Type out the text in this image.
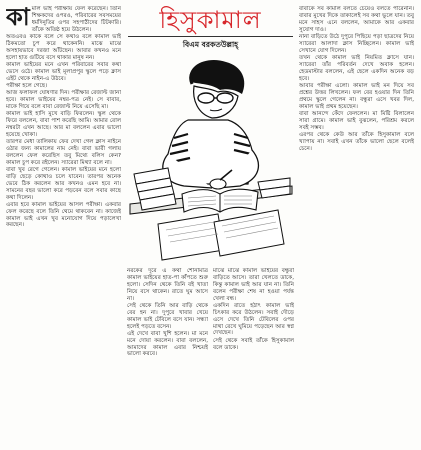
কা মাল ভাই পরীক্ষায় ফেল করেছেন। তিনি শিক্ষকদের ওপরও, পরিবারের সবসময়ের ধর্মদিনুতির ওপর সহপাঠীদের টিটকারি। তাঁকে অতিষ্ঠ হয়ে উঠলেন।

অতএবও কাকে বলে সে কথাও বলে কামাল ভাই ঠিকমতো চুপ করে থাকেননি। মাঝে মাঝে অসহায়ভাবে দরজা আঁটছেন। আবার কখনও মনে হলো হাত গুটিয়ে বসে থাকার মানুষ নন।

কামাল ভাইয়ের মনে এখন পরিবারের সবার কথা ভেসে ওঠে। কামাল ভাই মূলাপ্রপুর স্কুলে পড়ে ক্লাস এইট থেকে নাইন-এ উঠবে।

পরীক্ষা হলে গেছে।

আজ ফলাফল ঘোষণার দিন। পরীক্ষার রেজাল্ট জানা হবে। কামাল ভাইয়ের নম্বর-পত্র নেই। সে বাবার, মাকে গিয়ে বলে বাবা রেজাল্ট নিয়ে এসেছি মা।

কামাল ভাই হাসি মুখে বাড়ি ফিরলেন। স্কুল থেকে ফিরে বললেন, বাবা পাশ করেছি আমি। আমার রোল নম্বরটা এখন আছে। আর মা বললেন এবার ভালো হয়েছে খোকা।

তারপর মেধা তালিকায় ফের দেখা গেল ক্লাস নাইনে ওঠার জন্য কামালের নাম নেই। বাবা ভারী গলায় বললেন ফেল করেছিস তবু মিথ্যে বলিস কেন? কামাল চুপ করে রইলেন। স্যারেরা মিথ্যা বলে না।

বাবা খুব রেগে গেলেন। কামাল ভাইয়ের মনে হলো বাড়ি ছেড়ে কোথাও চলে যাবেন। তারপর অনেক ভেবে ঠিক করলেন আর কখনও এমন হবে না। সামনের বছর ভালো করে পড়বেন বলে সবার কাছে কথা দিলেন।

এবার হবে কামাল ভাইয়ের আসল পরীক্ষা। একবার ফেল করেছে বলে তিনি থেমে থাকবেন না। কাজেই কামাল ভাই এখন খুব মনোযোগ দিয়ে পড়ালেখা করছেন।

হিসুকামাল
বিএম বরকতউল্লাহ্

নরকের দূরে এ কথা শোনামাত্র কামাল ভাইয়ের হাত-পা কাঁপতে শুরু হলো। সেদিন থেকে তিনি বই খাতা নিয়ে বসে থাকেন। রাতে ঘুম আসে না।

সেই থেকে তিনি আর বাড়ি থেকে বের হন না। দুপুরে খাবার খেয়ে কামাল ভাই টেবিলে বসে যান। সন্ধ্যা হলেই পড়তে বসেন।

এই দেখে বাবা খুশি হলেন। মা মনে মনে দোয়া করলেন। বাবা বললেন, আমাদের কামাল এবার নিশ্চয়ই ভালো করবে।

মাঝে মাঝে কামাল ভাইয়ের বন্ধুরা বাড়িতে আসে। তারা খেলতে ডাকে, কিন্তু কামাল ভাই আর যান না। তিনি বলেন পরীক্ষা শেষ না হওয়া পর্যন্ত খেলা বন্ধ।

একদিন রাতে হঠাৎ কামাল ভাই চিৎকার করে উঠলেন। সবাই দৌড়ে এসে দেখে তিনি টেবিলের ওপর মাথা রেখে ঘুমিয়ে পড়েছেন আর স্বপ্ন দেখছেন।

সেই থেকে সবাই তাঁকে হিসুকামাল বলে ডাকে।

বাবাকে সব কামাল বলতে চেয়েও বলতে পারেননি। বাবার মুখের দিকে তাকালেই সব কথা ভুলে যান। তবু মনে সাহস এনে বললেন, আমাকে আর একবার সুযোগ দাও।

নানা বাড়িতে উঠে দুপুরে পিছিয়ে পড়া ছাত্রদের নিয়ে স্যারেরা আলাদা ক্লাস নিচ্ছিলেন। কামাল ভাই সেখানে যোগ দিলেন।

তখন থেকে কামাল ভাই নিয়মিত ক্লাসে যান। স্যারেরা তাঁর পরিবর্তন দেখে অবাক হলেন। হেডমাস্টার বললেন, এই ছেলে একদিন অনেক বড় হবে।

আবার পরীক্ষা এলো। কামাল ভাই মন দিয়ে সব প্রশ্নের উত্তর লিখলেন। ফল বের হওয়ার দিন তিনি প্রথমে স্কুলে গেলেন না। বন্ধুরা এসে খবর দিল, কামাল ভাই প্রথম হয়েছেন।

বাবা আনন্দে কেঁদে ফেললেন। মা মিষ্টি বিলালেন সারা গ্রামে। কামাল ভাই বুঝলেন, পরিশ্রম করলে সবই সম্ভব।

এরপর থেকে কেউ আর তাঁকে হিসুকামাল বলে খ্যাপায় না। সবাই এখন তাঁকে ভালো ছেলে বলেই চেনে।
